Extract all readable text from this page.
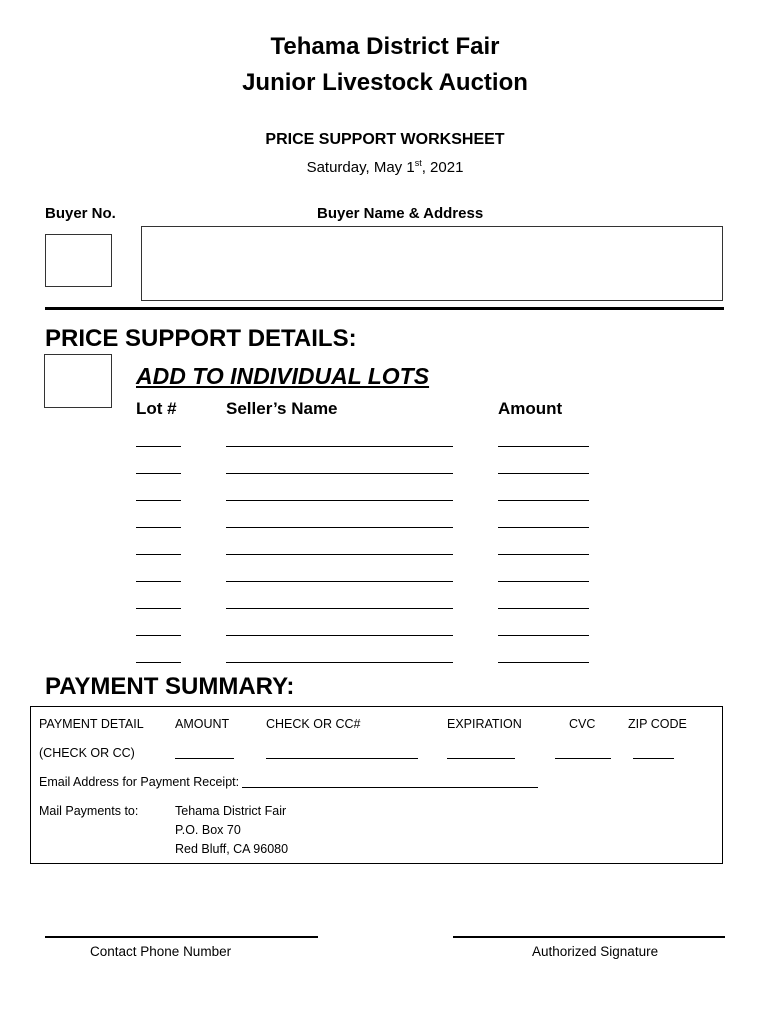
Tehama District Fair
Junior Livestock Auction
PRICE SUPPORT WORKSHEET
Saturday, May 1st, 2021
Buyer No.	Buyer Name & Address
PRICE SUPPORT DETAILS:
ADD TO INDIVIDUAL LOTS
Lot #	Seller’s Name	Amount
PAYMENT SUMMARY:
PAYMENT DETAIL	AMOUNT	CHECK OR CC#	EXPIRATION	CVC	ZIP CODE
(CHECK OR CC)
Email Address for Payment Receipt:
Mail Payments to:	Tehama District Fair
P.O. Box 70
Red Bluff, CA 96080
Contact Phone Number	Authorized Signature
